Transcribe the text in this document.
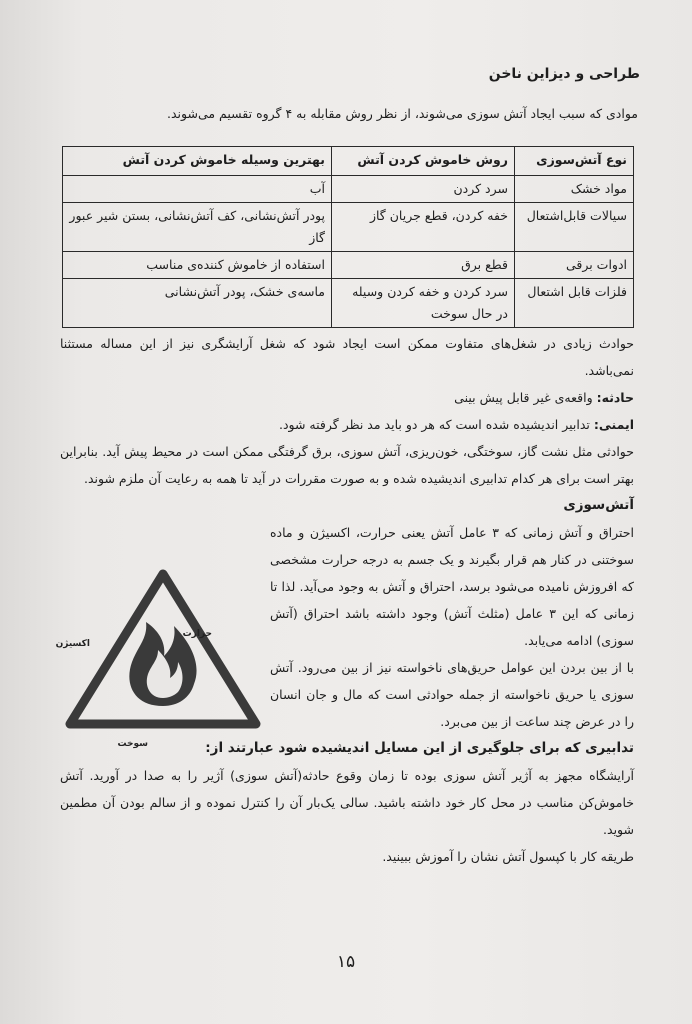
طراحی و دیزاین ناخن
موادی که سبب ایجاد آتش سوزی می‌شوند، از نظر روش مقابله به ۴ گروه تقسیم می‌شوند.
نوع آتش‌سوزی	روش خاموش کردن آتش	بهترین وسیله خاموش کردن آتش
مواد خشک	سرد کردن	آب
سیالات قابل‌اشتعال	خفه کردن، قطع جریان گاز	پودر آتش‌نشانی، کف آتش‌نشانی، بستن شیر عبور گاز
ادوات برقی	قطع برق	استفاده از خاموش کننده‌ی مناسب
فلزات قابل اشتعال	سرد کردن و خفه کردن وسیله در حال سوخت	ماسه‌ی خشک، پودر آتش‌نشانی

حوادث زیادی در شغل‌های متفاوت ممکن است ایجاد شود که شغل آرایشگری نیز از این مساله مستثنا نمی‌باشد.

حادثه: واقعه‌ی غیر قابل پیش بینی

ایمنی: تدابیر اندیشیده شده است که هر دو باید مد نظر گرفته شود.

حوادثی مثل نشت گاز، سوختگی، خون‌ریزی، آتش سوزی، برق گرفتگی ممکن است در محیط پیش آید. بنابراین بهتر است برای هر کدام تدابیری اندیشیده شده و به صورت مقررات در آید تا همه به رعایت آن ملزم شوند.

آتش‌سوزی

احتراق و آتش زمانی که ۳ عامل آتش یعنی حرارت، اکسیژن و ماده سوختنی در کنار هم قرار بگیرند و یک جسم به درجه حرارت مشخصی که افروزش نامیده می‌شود برسد، احتراق و آتش به وجود می‌آید. لذا تا زمانی که این ۳ عامل (مثلث آتش) وجود داشته باشد احتراق (آتش سوزی) ادامه می‌یابد.

با از بین بردن این عوامل حریق‌های ناخواسته نیز از بین می‌رود. آتش سوزی یا حریق ناخواسته از جمله حوادثی است که مال و جان انسان را در عرض چند ساعت از بین می‌برد.

تدابیری که برای جلوگیری از این مسایل اندیشیده شود عبارتند از:

آرایشگاه مجهز به آژیر آتش سوزی بوده تا زمان وقوع حادثه(آتش سوزی) آژیر را به صدا در آورید. آتش خاموش‌کن مناسب در محل کار خود داشته باشید. سالی یک‌بار آن را کنترل نموده و از سالم بودن آن مطمین شوید.

طریقه کار با کپسول آتش نشان را آموزش ببینید.

حرارت
اکسیژن
سوخت
۱۵
